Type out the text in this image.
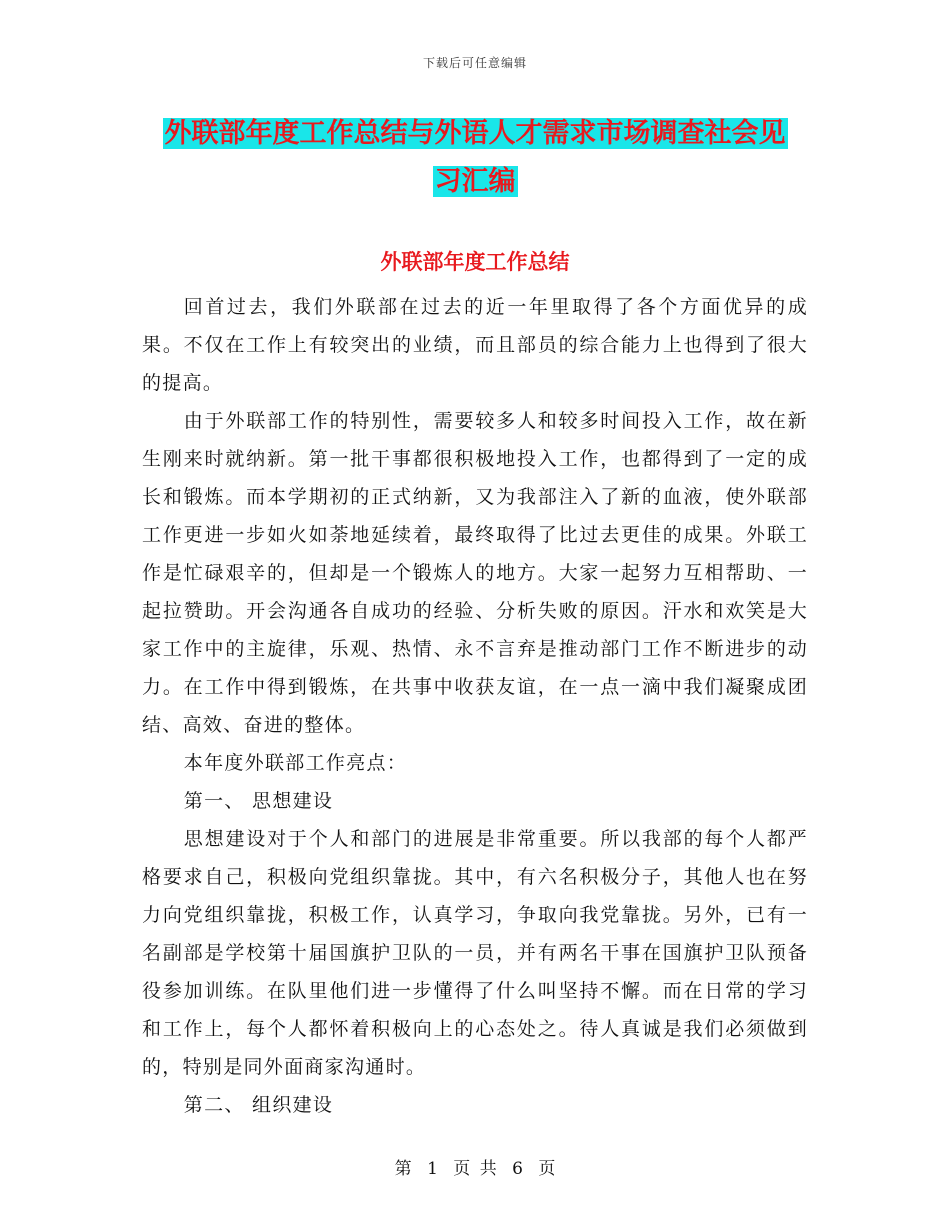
下载后可任意编辑
外联部年度工作总结与外语人才需求市场调查社会见
习汇编
外联部年度工作总结

回首过去，我们外联部在过去的近一年里取得了各个方面优异的成果。不仅在工作上有较突出的业绩，而且部员的综合能力上也得到了很大的提高。

由于外联部工作的特别性，需要较多人和较多时间投入工作，故在新生刚来时就纳新。第一批干事都很积极地投入工作，也都得到了一定的成长和锻炼。而本学期初的正式纳新，又为我部注入了新的血液，使外联部工作更进一步如火如荼地延续着，最终取得了比过去更佳的成果。外联工作是忙碌艰辛的，但却是一个锻炼人的地方。大家一起努力互相帮助、一起拉赞助。开会沟通各自成功的经验、分析失败的原因。汗水和欢笑是大家工作中的主旋律，乐观、热情、永不言弃是推动部门工作不断进步的动力。在工作中得到锻炼，在共事中收获友谊，在一点一滴中我们凝聚成团结、高效、奋进的整体。

本年度外联部工作亮点：

第一、 思想建设

思想建设对于个人和部门的进展是非常重要。所以我部的每个人都严格要求自己，积极向党组织靠拢。其中，有六名积极分子，其他人也在努力向党组织靠拢，积极工作，认真学习，争取向我党靠拢。另外，已有一名副部是学校第十届国旗护卫队的一员，并有两名干事在国旗护卫队预备役参加训练。在队里他们进一步懂得了什么叫坚持不懈。而在日常的学习和工作上，每个人都怀着积极向上的心态处之。待人真诚是我们必须做到的，特别是同外面商家沟通时。

第二、 组织建设

第 1 页 共 6 页
